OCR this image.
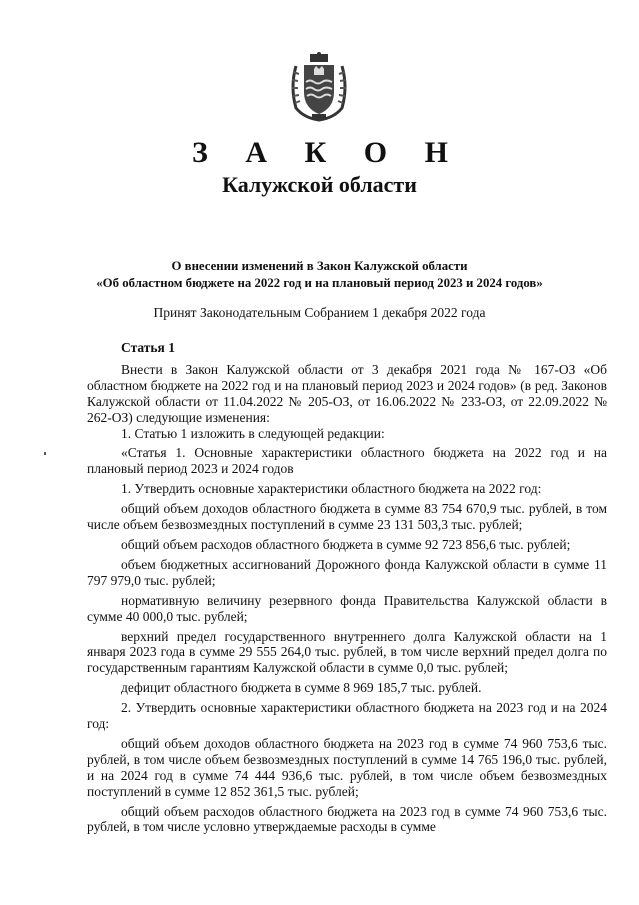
З А К О Н
Калужской области
О внесении изменений в Закон Калужской области
«Об областном бюджете на 2022 год и на плановый период 2023 и 2024 годов»
Принят Законодательным Собранием 1 декабря 2022 года

Статья 1

Внести в Закон Калужской области от 3 декабря 2021 года № 167-ОЗ «Об областном бюджете на 2022 год и на плановый период 2023 и 2024 годов» (в ред. Законов Калужской области от 11.04.2022 № 205-ОЗ, от 16.06.2022 № 233-ОЗ, от 22.09.2022 № 262-ОЗ) следующие изменения:

1. Статью 1 изложить в следующей редакции:

«Статья 1. Основные характеристики областного бюджета на 2022 год и на плановый период 2023 и 2024 годов

1. Утвердить основные характеристики областного бюджета на 2022 год:

общий объем доходов областного бюджета в сумме 83 754 670,9 тыс. рублей, в том числе объем безвозмездных поступлений в сумме 23 131 503,3 тыс. рублей;

общий объем расходов областного бюджета в сумме 92 723 856,6 тыс. рублей;

объем бюджетных ассигнований Дорожного фонда Калужской области в сумме 11 797 979,0 тыс. рублей;

нормативную величину резервного фонда Правительства Калужской области в сумме 40 000,0 тыс. рублей;

верхний предел государственного внутреннего долга Калужской области на 1 января 2023 года в сумме 29 555 264,0 тыс. рублей, в том числе верхний предел долга по государственным гарантиям Калужской области в сумме 0,0 тыс. рублей;

дефицит областного бюджета в сумме 8 969 185,7 тыс. рублей.

2. Утвердить основные характеристики областного бюджета на 2023 год и на 2024 год:

общий объем доходов областного бюджета на 2023 год в сумме 74 960 753,6 тыс. рублей, в том числе объем безвозмездных поступлений в сумме 14 765 196,0 тыс. рублей, и на 2024 год в сумме 74 444 936,6 тыс. рублей, в том числе объем безвозмездных поступлений в сумме 12 852 361,5 тыс. рублей;

общий объем расходов областного бюджета на 2023 год в сумме 74 960 753,6 тыс. рублей, в том числе условно утверждаемые расходы в сумме
